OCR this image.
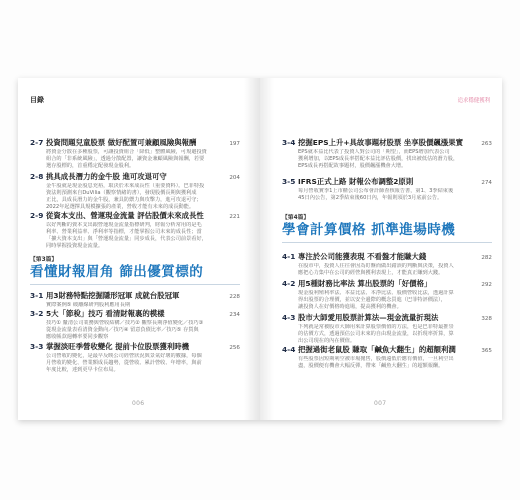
目錄
2-7 投資問題兒童股票 做好配置可兼顧風險與報酬	197
將資金分散在多種股票，可讓投資組合「降低」整體風險，可規避投資
組合的「非系統風險」，透過分散配置，讓資金兼顧風險與報酬，若要
選存股標的，首重穩定配發現金股利。
2-8 挑具成長潛力的金牛股 進可攻退可守	204
金牛股就是現金股息充裕，取決於未來成長性（重要資料）。巴菲特投
資法則預測來自DuVilia（觀察情緒的書），發現股價長期與獲利成
正比，具成長潛力的金牛股，兼具防禦力與攻擊力，進可攻退可守；
2022年起選擇具規模擴張的產業，營收才能有未來的成長動能。
2-9 從資本支出、營運現金流量 評估股價未來成長性	221
以好判斷的資本支出跟營運現金流量指標研判，財報分析常用的是毛
利率、營業利益率、淨利率等指標，才能掌握公司未來的成長性；當
「擴大資本支出」與「營運現金流量」同步成長，代表公司前景看好，
同時掌握投資現金流量。
【第3篇】
看懂財報眉角 篩出優質標的
3-1 用3財務特點挖掘隱形冠軍 成就台股冠軍	228
實際案例⑤ 破離線研判股利應用長期
3-2 5大「節稅」技巧 看清財報裏的模樣	234
技巧① 釐清公司業務與營收結構／技巧② 觀察長期淨值變化／技巧③
從現金流量表看清資金動向／技巧④ 留意負債比率／技巧⑤ 存貨與
應收帳款週轉率要同步觀察
3-3 掌握淡旺季營收變化 提前卡位股票獲利時機	256
公司營收的變化，是最早反映公司經營狀況與景氣好壞的數據，每個
月營收的變化、營業額成長趨勢，從營收、累計營收、年增率，與前
年度比較，達到更早卡位布局。
006
追求穩健獲利
3-4 挖掘EPS上升+具故事題材股票 坐享股價飆漲果實	263
EPS就本益比代表了投資人對公司的「期望」，而EPS增加代表公司
獲利增加，以EPS成長率搭配本益比評估股價，找出被低估的潛力股，
EPS成長再搭配故事題材，股價飆漲機會大增。
3-5 IFRS正式上路 財報公布調整2原則	274
每月營收實季1上市櫃公司公布會計師查核報告書，第1、3季結束後
45日內公告，第2季結束後60日內，年報則須於3月底前公告。
【第4篇】
學會計算價格 抓準進場時機
4-1 專注於公司能獲表現 不看盤才能賺大錢	282
在股市中，投資人往往會因為盯盤而做出錯誤的判斷與決策，投資人
應把心力集中在公司的經營與獲利表現上，才能真正賺到大錢。
4-2 用5種財務比率法 算出股票的「好價格」	292
現金股利殖利率法、本益比法、本淨比法、股價營收比法，透過計算
得出股票的合理價，並以安全邊際的概念買進（巴菲特評價法），
讓投資人在好價格時進場，提高獲利的機會。
4-3 股市大師愛用股票計算法—現金流量折現法	328
下列就是常被股市大師用來計算股票價值的方法，也是巴菲特最推崇
的估價方式，透過預估公司未來的自由現金流量，以折現率折算，算
出公司現在的內在價值。
4-4 把握過街老鼠股 賺取「鹹魚大翻生」的超額利潤	365
有些股票因短期利空被市場拋售，股價遠低於應有價值，一旦利空出
盡，股價便有機會大幅反彈，帶來「鹹魚大翻生」的超額報酬。
007
